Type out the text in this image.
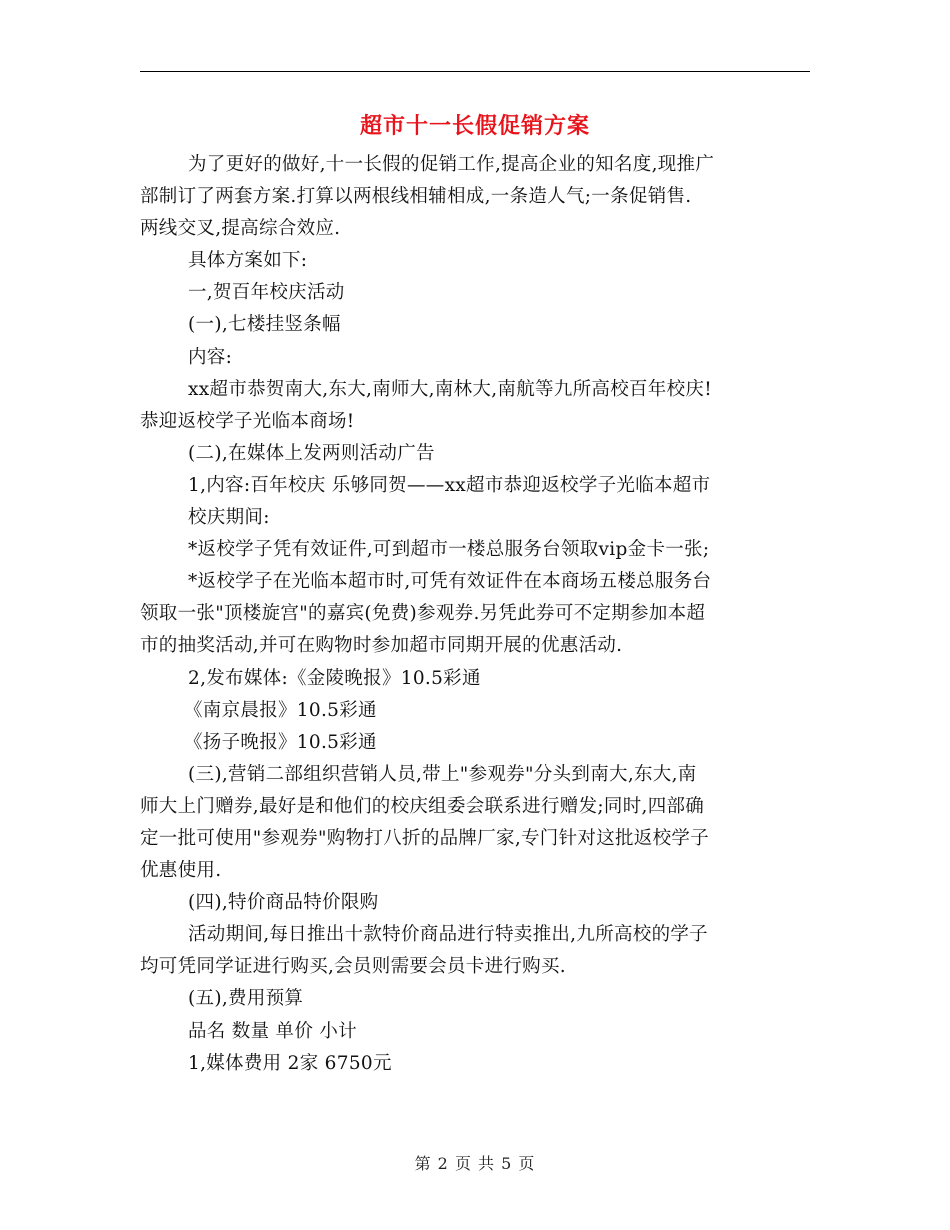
超市十一长假促销方案
为了更好的做好,十一长假的促销工作,提高企业的知名度,现推广
部制订了两套方案.打算以两根线相辅相成,一条造人气;一条促销售.
两线交叉,提高综合效应.
具体方案如下:
一,贺百年校庆活动
(一),七楼挂竖条幅
内容:
xx超市恭贺南大,东大,南师大,南林大,南航等九所高校百年校庆!
恭迎返校学子光临本商场!
(二),在媒体上发两则活动广告
1,内容:百年校庆 乐够同贺——xx超市恭迎返校学子光临本超市
校庆期间:
*返校学子凭有效证件,可到超市一楼总服务台领取vip金卡一张;
*返校学子在光临本超市时,可凭有效证件在本商场五楼总服务台
领取一张"顶楼旋宫"的嘉宾(免费)参观券.另凭此券可不定期参加本超
市的抽奖活动,并可在购物时参加超市同期开展的优惠活动.
2,发布媒体:《金陵晚报》10.5彩通
《南京晨报》10.5彩通
《扬子晚报》10.5彩通
(三),营销二部组织营销人员,带上"参观券"分头到南大,东大,南
师大上门赠券,最好是和他们的校庆组委会联系进行赠发;同时,四部确
定一批可使用"参观券"购物打八折的品牌厂家,专门针对这批返校学子
优惠使用.
(四),特价商品特价限购
活动期间,每日推出十款特价商品进行特卖推出,九所高校的学子
均可凭同学证进行购买,会员则需要会员卡进行购买.
(五),费用预算
品名 数量 单价 小计
1,媒体费用 2家 6750元
第 2 页 共 5 页
